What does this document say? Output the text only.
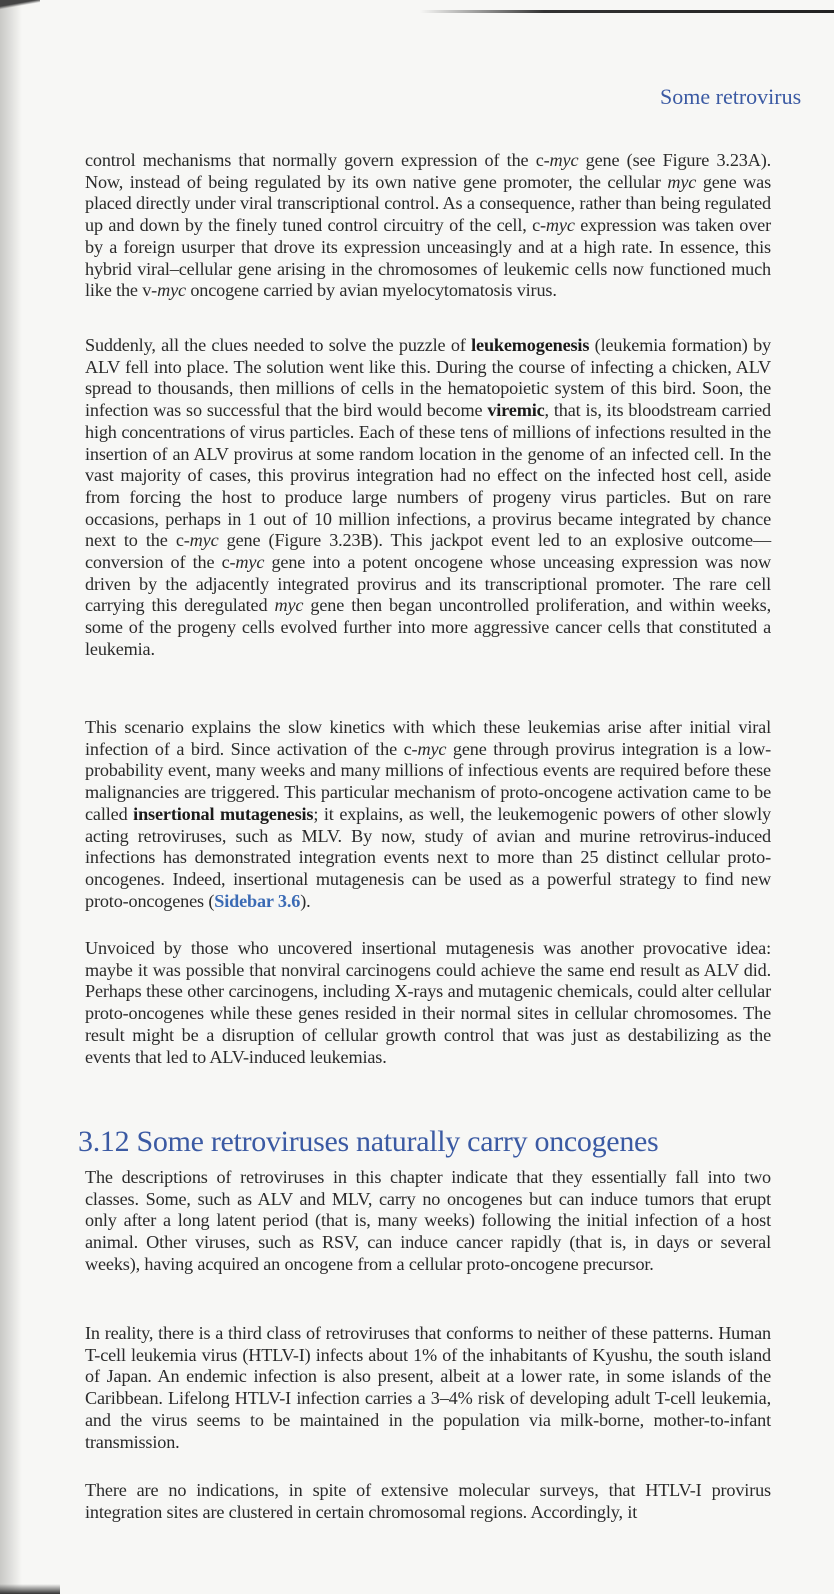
Some retrovirus
control mechanisms that normally govern expression of the c-myc gene (see Figure 3.23A). Now, instead of being regulated by its own native gene promoter, the cellular myc gene was placed directly under viral transcriptional control. As a consequence, rather than being regulated up and down by the finely tuned control circuitry of the cell, c-myc expression was taken over by a foreign usurper that drove its expression unceasingly and at a high rate. In essence, this hybrid viral–cellular gene arising in the chromosomes of leukemic cells now functioned much like the v-myc oncogene carried by avian myelocytomatosis virus.
Suddenly, all the clues needed to solve the puzzle of leukemogenesis (leukemia formation) by ALV fell into place. The solution went like this. During the course of infecting a chicken, ALV spread to thousands, then millions of cells in the hematopoietic system of this bird. Soon, the infection was so successful that the bird would become viremic, that is, its bloodstream carried high concentrations of virus particles. Each of these tens of millions of infections resulted in the insertion of an ALV provirus at some random location in the genome of an infected cell. In the vast majority of cases, this provirus integration had no effect on the infected host cell, aside from forcing the host to produce large numbers of progeny virus particles. But on rare occasions, perhaps in 1 out of 10 million infections, a provirus became integrated by chance next to the c-myc gene (Figure 3.23B). This jackpot event led to an explosive outcome—conversion of the c-myc gene into a potent oncogene whose unceasing expression was now driven by the adjacently integrated provirus and its transcriptional promoter. The rare cell carrying this deregulated myc gene then began uncontrolled proliferation, and within weeks, some of the progeny cells evolved further into more aggressive cancer cells that constituted a leukemia.
This scenario explains the slow kinetics with which these leukemias arise after initial viral infection of a bird. Since activation of the c-myc gene through provirus integration is a low-probability event, many weeks and many millions of infectious events are required before these malignancies are triggered. This particular mechanism of proto-oncogene activation came to be called insertional mutagenesis; it explains, as well, the leukemogenic powers of other slowly acting retroviruses, such as MLV. By now, study of avian and murine retrovirus-induced infections has demonstrated integration events next to more than 25 distinct cellular proto-oncogenes. Indeed, insertional mutagenesis can be used as a powerful strategy to find new proto-oncogenes (Sidebar 3.6).
Unvoiced by those who uncovered insertional mutagenesis was another provocative idea: maybe it was possible that nonviral carcinogens could achieve the same end result as ALV did. Perhaps these other carcinogens, including X-rays and mutagenic chemicals, could alter cellular proto-oncogenes while these genes resided in their normal sites in cellular chromosomes. The result might be a disruption of cellular growth control that was just as destabilizing as the events that led to ALV-induced leukemias.
3.12 Some retroviruses naturally carry oncogenes
The descriptions of retroviruses in this chapter indicate that they essentially fall into two classes. Some, such as ALV and MLV, carry no oncogenes but can induce tumors that erupt only after a long latent period (that is, many weeks) following the initial infection of a host animal. Other viruses, such as RSV, can induce cancer rapidly (that is, in days or several weeks), having acquired an oncogene from a cellular proto-oncogene precursor.
In reality, there is a third class of retroviruses that conforms to neither of these patterns. Human T-cell leukemia virus (HTLV-I) infects about 1% of the inhabitants of Kyushu, the south island of Japan. An endemic infection is also present, albeit at a lower rate, in some islands of the Caribbean. Lifelong HTLV-I infection carries a 3–4% risk of developing adult T-cell leukemia, and the virus seems to be maintained in the population via milk-borne, mother-to-infant transmission.
There are no indications, in spite of extensive molecular surveys, that HTLV-I provirus integration sites are clustered in certain chromosomal regions. Accordingly, it
